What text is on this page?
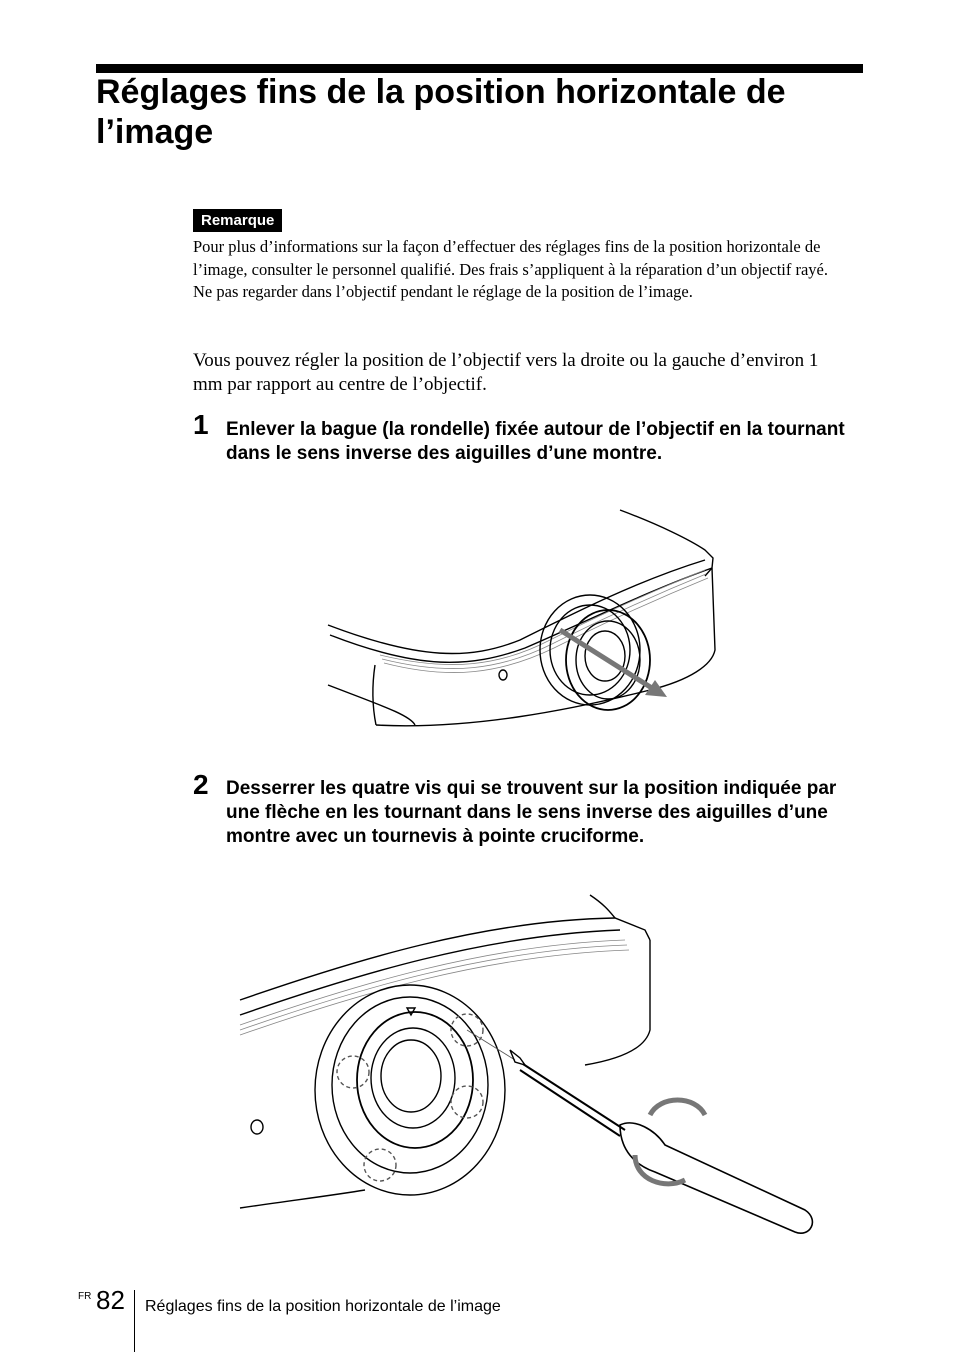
Réglages fins de la position horizontale de l’image
Remarque

Pour plus d’informations sur la façon d’effectuer des réglages fins de la position horizontale de l’image, consulter le personnel qualifié. Des frais s’appliquent à la réparation d’un objectif rayé.

Ne pas regarder dans l’objectif pendant le réglage de la position de l’image.

Vous pouvez régler la position de l’objectif vers la droite ou la gauche d’environ 1 mm par rapport au centre de l’objectif.

1 Enlever la bague (la rondelle) fixée autour de l’objectif en la tournant dans le sens inverse des aiguilles d’une montre.

2 Desserrer les quatre vis qui se trouvent sur la position indiquée par une flèche en les tournant dans le sens inverse des aiguilles d’une montre avec un tournevis à pointe cruciforme.

FR 82 Réglages fins de la position horizontale de l’image
